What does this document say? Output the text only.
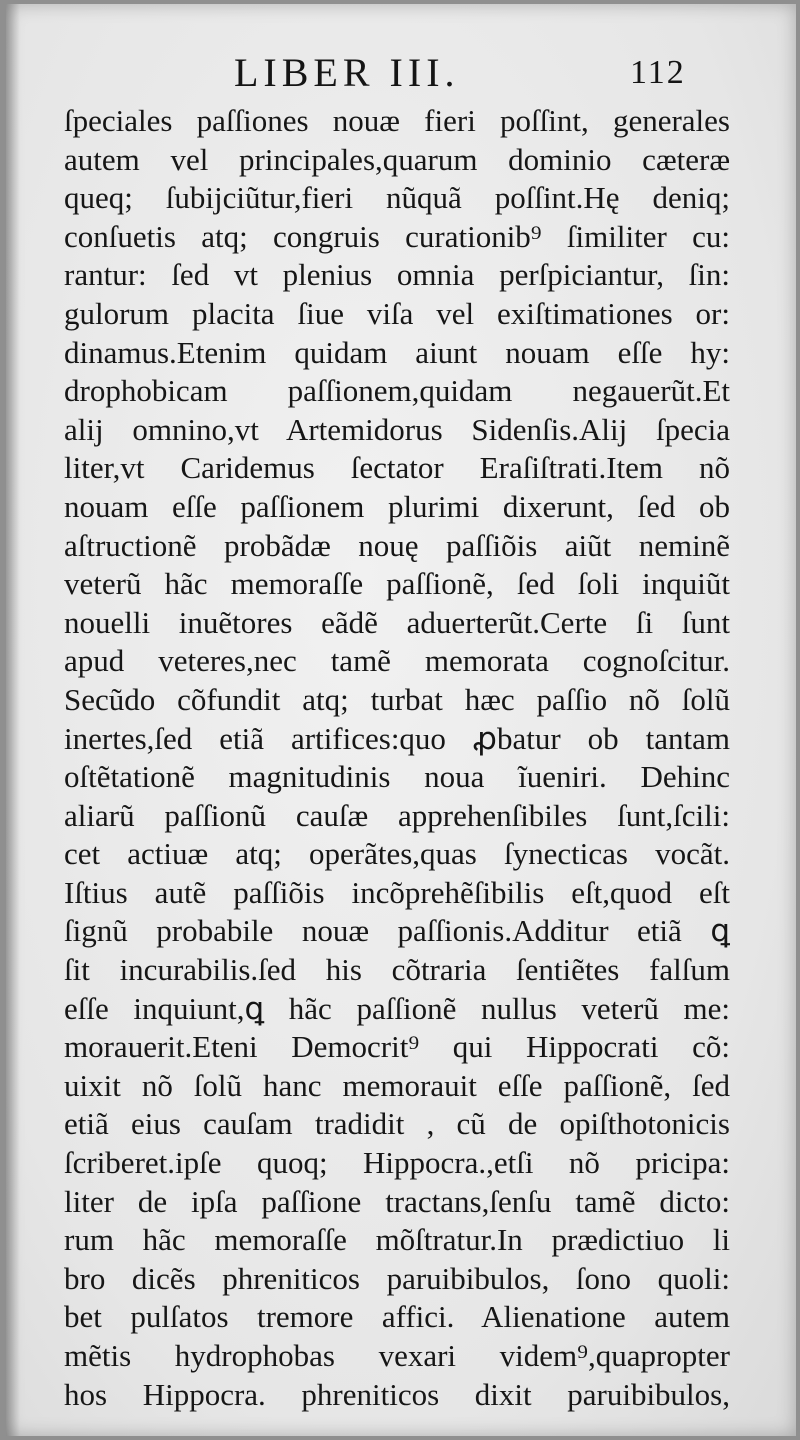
LIBER III.	112
ſpeciales paſſiones nouæ fieri poſſint, generales
autem vel principales,quarum dominio cæteræ
queq; ſubijciũtur,fieri nũquã poſſint.Hę deniq;
conſuetis atq; congruis curationib⁹ ſimiliter cu:
rantur: ſed vt plenius omnia perſpiciantur, ſin:
gulorum placita ſiue viſa vel exiſtimationes or:
dinamus.Etenim quidam aiunt nouam eſſe hy:
drophobicam paſſionem,quidam negauerũt.Et
alij omnino,vt Artemidorus Sidenſis.Alij ſpecia
liter,vt Caridemus ſectator Eraſiſtrati.Item nõ
nouam eſſe paſſionem plurimi dixerunt, ſed ob
aſtructionẽ probãdæ nouę paſſiõis aiũt neminẽ
veterũ hãc memoraſſe paſſionẽ, ſed ſoli inquiũt
nouelli inuẽtores eãdẽ aduerterũt.Certe ſi ſunt
apud veteres,nec tamẽ memorata cognoſcitur.
Secũdo cõfundit atq; turbat hæc paſſio nõ ſolũ
inertes,ſed etiã artifices:quo ꝓbatur ob tantam
oſtẽtationẽ magnitudinis noua ĩueniri. Dehinc
aliarũ paſſionũ cauſæ apprehenſibiles ſunt,ſcili:
cet actiuæ atq; operãtes,quas ſynecticas vocãt.
Iſtius autẽ paſſiõis incõprehẽſibilis eſt,quod eſt
ſignũ probabile nouæ paſſionis.Additur etiã ꝗ
ſit incurabilis.ſed his cõtraria ſentiẽtes falſum
eſſe inquiunt,ꝗ hãc paſſionẽ nullus veterũ me:
morauerit.Eteni Democrit⁹ qui Hippocrati cõ:
uixit nõ ſolũ hanc memorauit eſſe paſſionẽ, ſed
etiã eius cauſam tradidit , cũ de opiſthotonicis
ſcriberet.ipſe quoq; Hippocra.,etſi nõ pricipa:
liter de ipſa paſſione tractans,ſenſu tamẽ dicto:
rum hãc memoraſſe mõſtratur.In prædictiuo li
bro dicẽs phreniticos paruibibulos, ſono quoli:
bet pulſatos tremore affici. Alienatione autem
mẽtis hydrophobas vexari videm⁹,quapropter
hos Hippocra. phreniticos dixit paruibibulos,
